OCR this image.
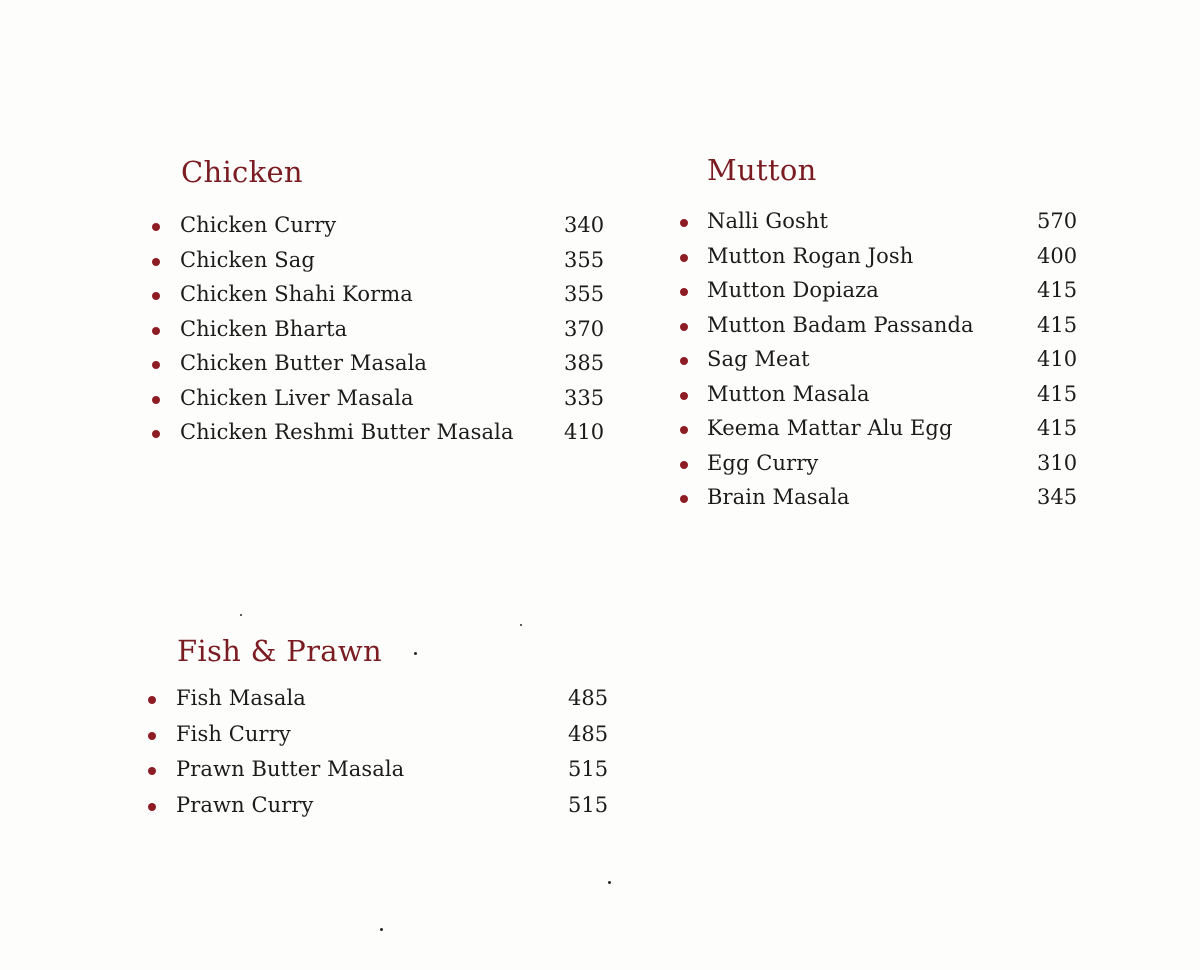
Chicken
Chicken Curry	340
Chicken Sag	355
Chicken Shahi Korma	355
Chicken Bharta	370
Chicken Butter Masala	385
Chicken Liver Masala	335
Chicken Reshmi Butter Masala 410
Mutton
Nalli Gosht	570
Mutton Rogan Josh	400
Mutton Dopiaza	415
Mutton Badam Passanda	415
Sag Meat	410
Mutton Masala	415
Keema Mattar Alu Egg	415
Egg Curry	310
Brain Masala	345
Fish & Prawn
Fish Masala	485
Fish Curry	485
Prawn Butter Masala	515
Prawn Curry	515
